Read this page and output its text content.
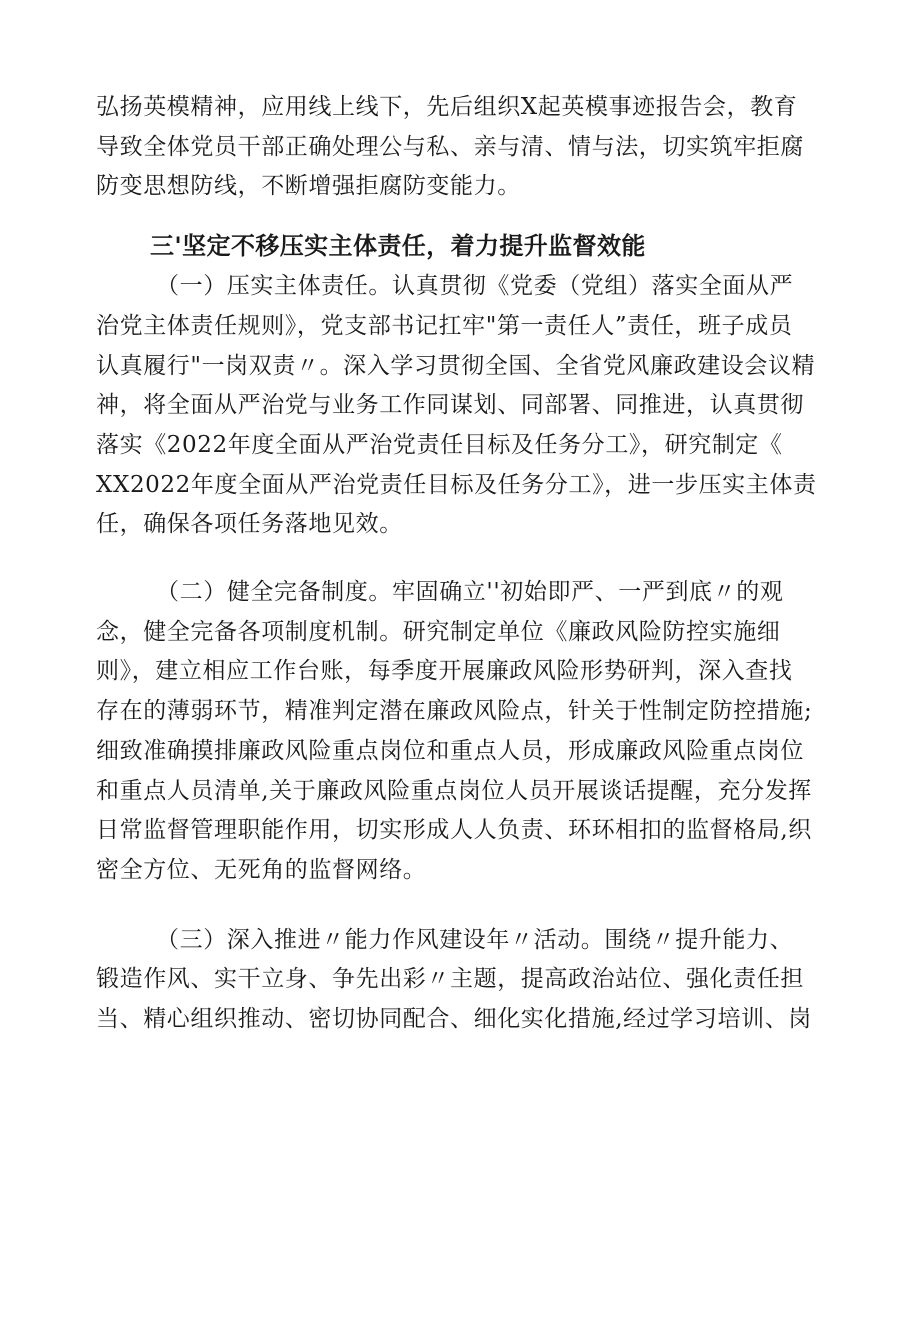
弘扬英模精神，应用线上线下，先后组织X起英模事迹报告会，教育
导致全体党员干部正确处理公与私、亲与清、情与法，切实筑牢拒腐
防变思想防线，不断增强拒腐防变能力。

三'坚定不移压实主体责任，着力提升监督效能

（一）压实主体责任。认真贯彻《党委（党组）落实全面从严
治党主体责任规则》，党支部书记扛牢"第一责任人”责任，班子成员
认真履行"一岗双责〃。深入学习贯彻全国、全省党风廉政建设会议精
神，将全面从严治党与业务工作同谋划、同部署、同推进，认真贯彻
落实《2022年度全面从严治党责任目标及任务分工》，研究制定《
XX2022年度全面从严治党责任目标及任务分工》，进一步压实主体责
任，确保各项任务落地见效。

（二）健全完备制度。牢固确立''初始即严、一严到底〃的观
念，健全完备各项制度机制。研究制定单位《廉政风险防控实施细
则》，建立相应工作台账，每季度开展廉政风险形势研判，深入查找
存在的薄弱环节，精准判定潜在廉政风险点，针关于性制定防控措施;
细致准确摸排廉政风险重点岗位和重点人员，形成廉政风险重点岗位
和重点人员清单,关于廉政风险重点岗位人员开展谈话提醒，充分发挥
日常监督管理职能作用，切实形成人人负责、环环相扣的监督格局,织
密全方位、无死角的监督网络。

（三）深入推进〃能力作风建设年〃活动。围绕〃提升能力、
锻造作风、实干立身、争先出彩〃主题，提高政治站位、强化责任担
当、精心组织推动、密切协同配合、细化实化措施,经过学习培训、岗
